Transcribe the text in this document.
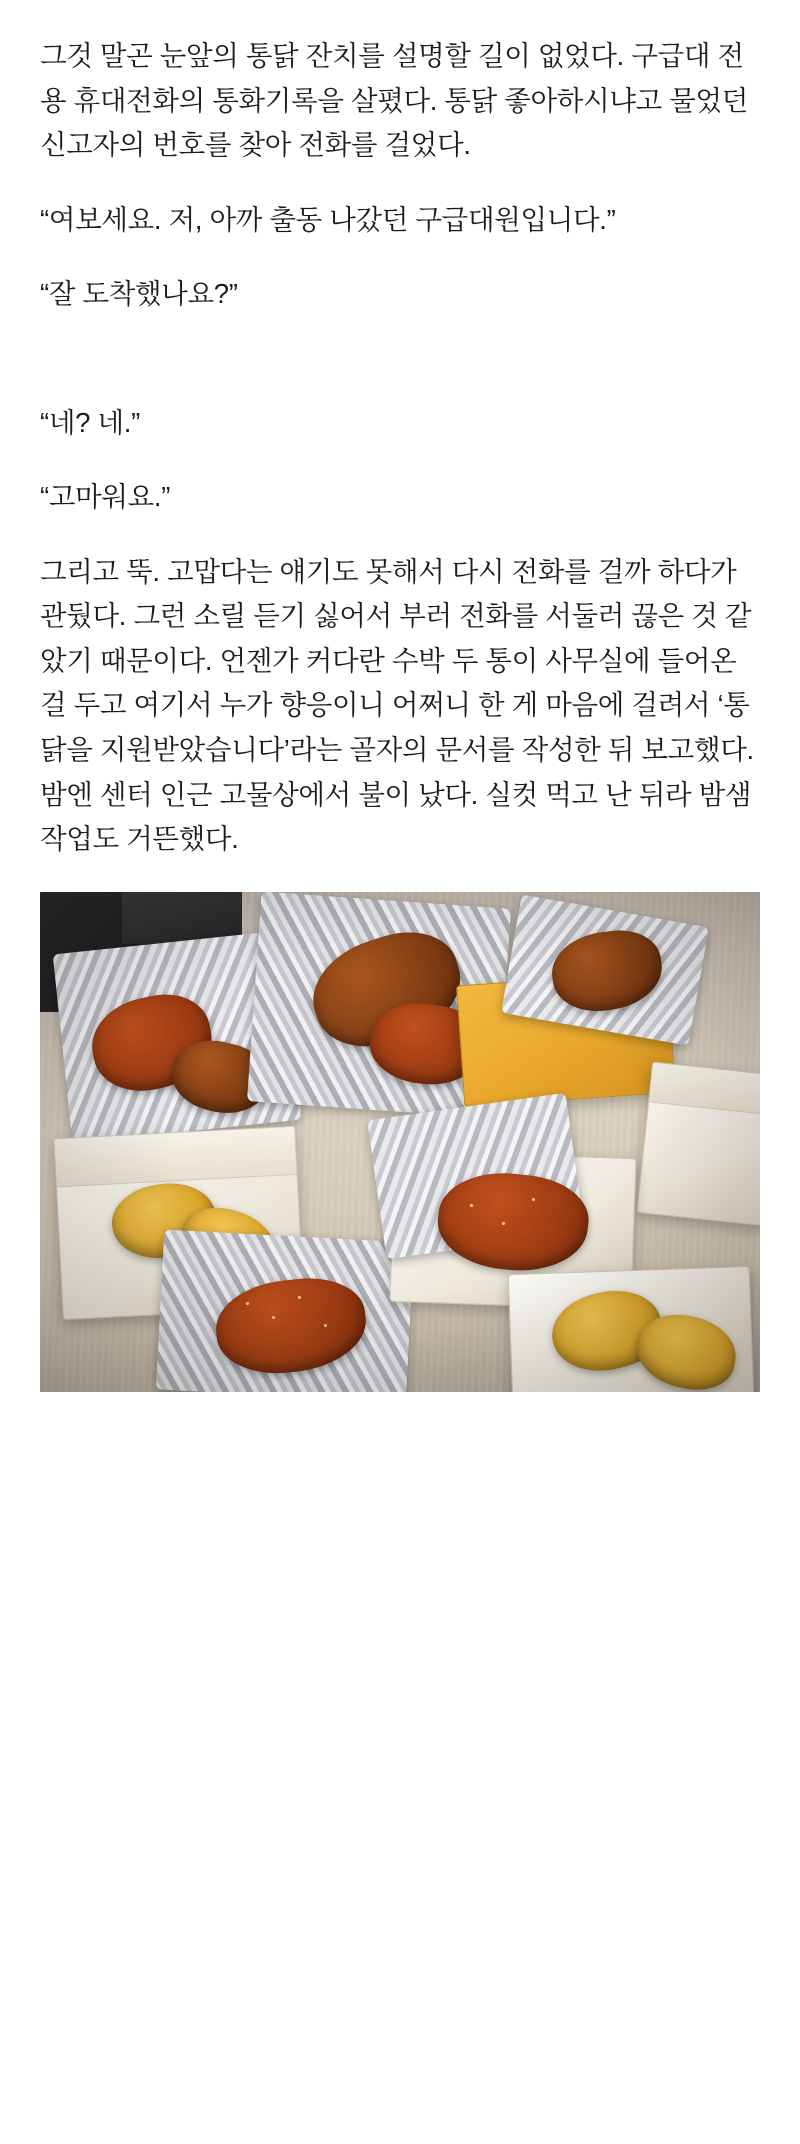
그것 말곤 눈앞의 통닭 잔치를 설명할 길이 없었다. 구급대 전용 휴대전화의 통화기록을 살폈다. 통닭 좋아하시냐고 물었던 신고자의 번호를 찾아 전화를 걸었다.

“여보세요. 저, 아까 출동 나갔던 구급대원입니다.”

“잘 도착했나요?”

“네? 네.”

“고마워요.”

그리고 뚝. 고맙다는 얘기도 못해서 다시 전화를 걸까 하다가 관뒀다. 그런 소릴 듣기 싫어서 부러 전화를 서둘러 끊은 것 같았기 때문이다. 언젠가 커다란 수박 두 통이 사무실에 들어온 걸 두고 여기서 누가 향응이니 어쩌니 한 게 마음에 걸려서 ‘통닭을 지원받았습니다’라는 골자의 문서를 작성한 뒤 보고했다. 밤엔 센터 인근 고물상에서 불이 났다. 실컷 먹고 난 뒤라 밤샘 작업도 거뜬했다.
